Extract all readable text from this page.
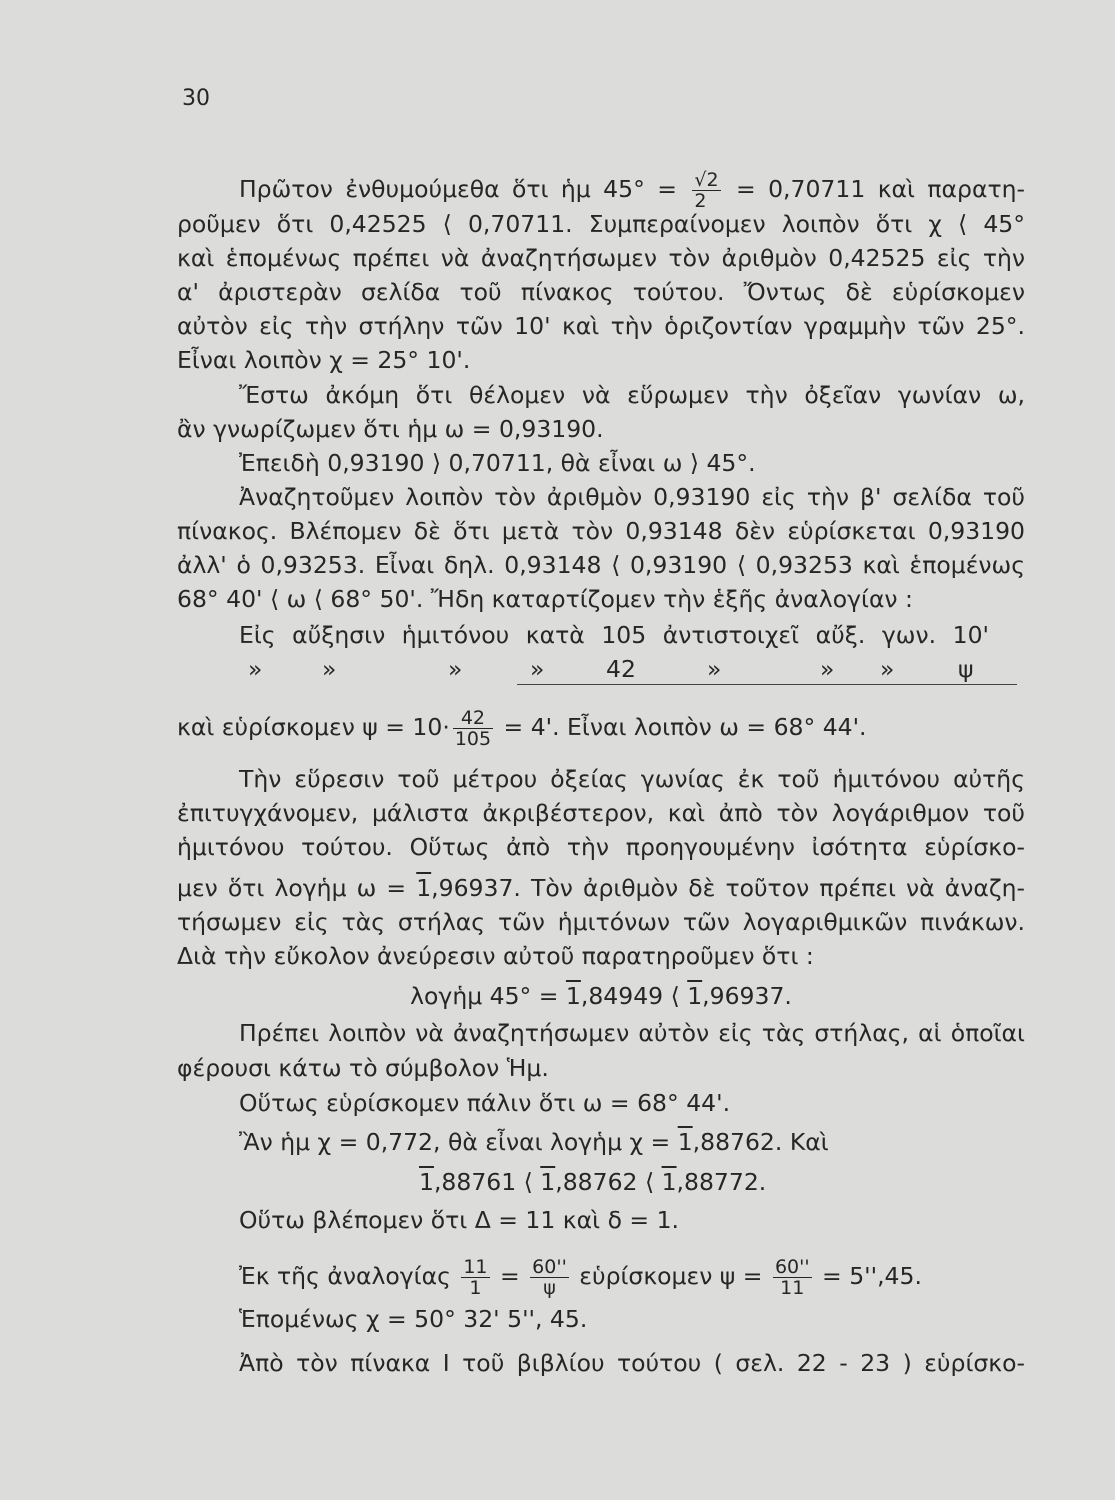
30
Πρῶτον ἐνθυμούμεθα ὅτι ἡμ $45^\circ = \frac{√2}{2} = 0,70711$ καὶ παρατη-
ροῦμεν ὅτι 0,42525 ⟨ 0,70711. Συμπεραίνομεν λοιπὸν ὅτι χ ⟨ 45°
καὶ ἑπομένως πρέπει νὰ ἀναζητήσωμεν τὸν ἀριθμὸν 0,42525 εἰς τὴν
α' ἀριστερὰν σελίδα τοῦ πίνακος τούτου. Ὄντως δὲ εὑρίσκομεν
αὐτὸν εἰς τὴν στήλην τῶν 10' καὶ τὴν ὁριζοντίαν γραμμὴν τῶν 25°.
Εἶναι λοιπὸν χ = 25° 10'.
Ἔστω ἀκόμη ὅτι θέλομεν νὰ εὕρωμεν τὴν ὀξεῖαν γωνίαν ω,
ἂν γνωρίζωμεν ὅτι ἡμ ω = 0,93190.
Ἐπειδὴ 0,93190 ⟩ 0,70711, θὰ εἶναι ω ⟩ 45°.
Ἀναζητοῦμεν λοιπὸν τὸν ἀριθμὸν 0,93190 εἰς τὴν β' σελίδα τοῦ
πίνακος. Βλέπομεν δὲ ὅτι μετὰ τὸν 0,93148 δὲν εὑρίσκεται 0,93190
ἀλλ' ὁ 0,93253. Εἶναι δηλ. 0,93148 ⟨ 0,93190 ⟨ 0,93253 καὶ ἑπομένως
68° 40' ⟨ ω ⟨ 68° 50'. Ἤδη καταρτίζομεν τὴν ἑξῆς ἀναλογίαν :
Εἰς αὔξησιν ἡμιτόνου κατὰ 105 ἀντιστοιχεῖ αὔξ. γων. 10'
»	»	»	»	42	»	» »	ψ
καὶ εὑρίσκομεν $\psi = 10\cdot \frac{42}{105} = 4'$. Εἶναι λοιπὸν ω = 68° 44'.
Τὴν εὕρεσιν τοῦ μέτρου ὀξείας γωνίας ἐκ τοῦ ἡμιτόνου αὐτῆς
ἐπιτυγχάνομεν, μάλιστα ἀκριβέστερον, καὶ ἀπὸ τὸν λογάριθμον τοῦ
ἡμιτόνου τούτου. Οὕτως ἀπὸ τὴν προηγουμένην ἰσότητα εὑρίσκο-
μεν ὅτι λογἡμ ω = 1,96937. Τὸν ἀριθμὸν δὲ τοῦτον πρέπει νὰ ἀναζη-
τήσωμεν εἰς τὰς στήλας τῶν ἡμιτόνων τῶν λογαριθμικῶν πινάκων.
Διὰ τὴν εὔκολον ἀνεύρεσιν αὐτοῦ παρατηροῦμεν ὅτι :
λογἡμ 45° = 1,84949 ⟨ 1,96937.
Πρέπει λοιπὸν νὰ ἀναζητήσωμεν αὐτὸν εἰς τὰς στήλας, αἱ ὁποῖαι
φέρουσι κάτω τὸ σύμβολον Ἡμ.
Οὕτως εὑρίσκομεν πάλιν ὅτι ω = 68° 44'.
Ἂν ἡμ χ = 0,772, θὰ εἶναι λογἡμ χ = 1,88762. Καὶ
1,88761 ⟨ 1,88762 ⟨ 1,88772.
Οὕτω βλέπομεν ὅτι Δ = 11 καὶ δ = 1.
Ἐκ τῆς ἀναλογίας $\frac{11}{1} = \frac{60''}{\psi}$ εὑρίσκομεν $\psi = \frac{60''}{11} = 5'',45$.
Ἑπομένως χ = 50° 32' 5'', 45.
Ἀπὸ τὸν πίνακα Ι τοῦ βιβλίου τούτου ( σελ. 22 - 23 ) εὑρίσκο-
